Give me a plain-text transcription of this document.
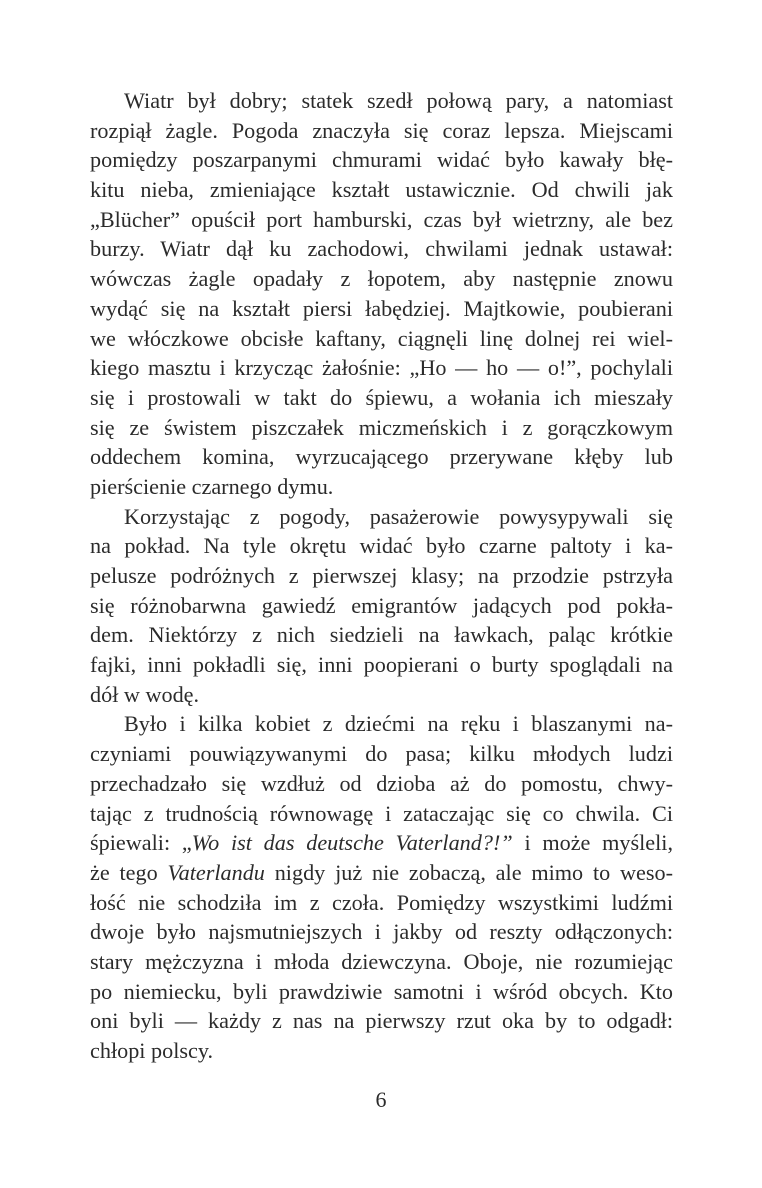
Wiatr był dobry; statek szedł połową pary, a natomiast
rozpiął żagle. Pogoda znaczyła się coraz lepsza. Miejscami
pomiędzy poszarpanymi chmurami widać było kawały błę-
kitu nieba, zmieniające kształt ustawicznie. Od chwili jak
„Blücher” opuścił port hamburski, czas był wietrzny, ale bez
burzy. Wiatr dął ku zachodowi, chwilami jednak ustawał:
wówczas żagle opadały z łopotem, aby następnie znowu
wydąć się na kształt piersi łabędziej. Majtkowie, poubierani
we włóczkowe obcisłe kaftany, ciągnęli linę dolnej rei wiel-
kiego masztu i krzycząc żałośnie: „Ho — ho — o!”, pochylali
się i prostowali w takt do śpiewu, a wołania ich mieszały
się ze świstem piszczałek miczmeńskich i z gorączkowym
oddechem komina, wyrzucającego przerywane kłęby lub
pierścienie czarnego dymu.
Korzystając z pogody, pasażerowie powysypywali się
na pokład. Na tyle okrętu widać było czarne paltoty i ka-
pelusze podróżnych z pierwszej klasy; na przodzie pstrzyła
się różnobarwna gawiedź emigrantów jadących pod pokła-
dem. Niektórzy z nich siedzieli na ławkach, paląc krótkie
fajki, inni pokładli się, inni poopierani o burty spoglądali na
dół w wodę.
Było i kilka kobiet z dziećmi na ręku i blaszanymi na-
czyniami pouwiązywanymi do pasa; kilku młodych ludzi
przechadzało się wzdłuż od dzioba aż do pomostu, chwy-
tając z trudnością równowagę i zataczając się co chwila. Ci
śpiewali: „Wo ist das deutsche Vaterland?!” i może myśleli,
że tego Vaterlandu nigdy już nie zobaczą, ale mimo to weso-
łość nie schodziła im z czoła. Pomiędzy wszystkimi ludźmi
dwoje było najsmutniejszych i jakby od reszty odłączonych:
stary mężczyzna i młoda dziewczyna. Oboje, nie rozumiejąc
po niemiecku, byli prawdziwie samotni i wśród obcych. Kto
oni byli — każdy z nas na pierwszy rzut oka by to odgadł:
chłopi polscy.
6
